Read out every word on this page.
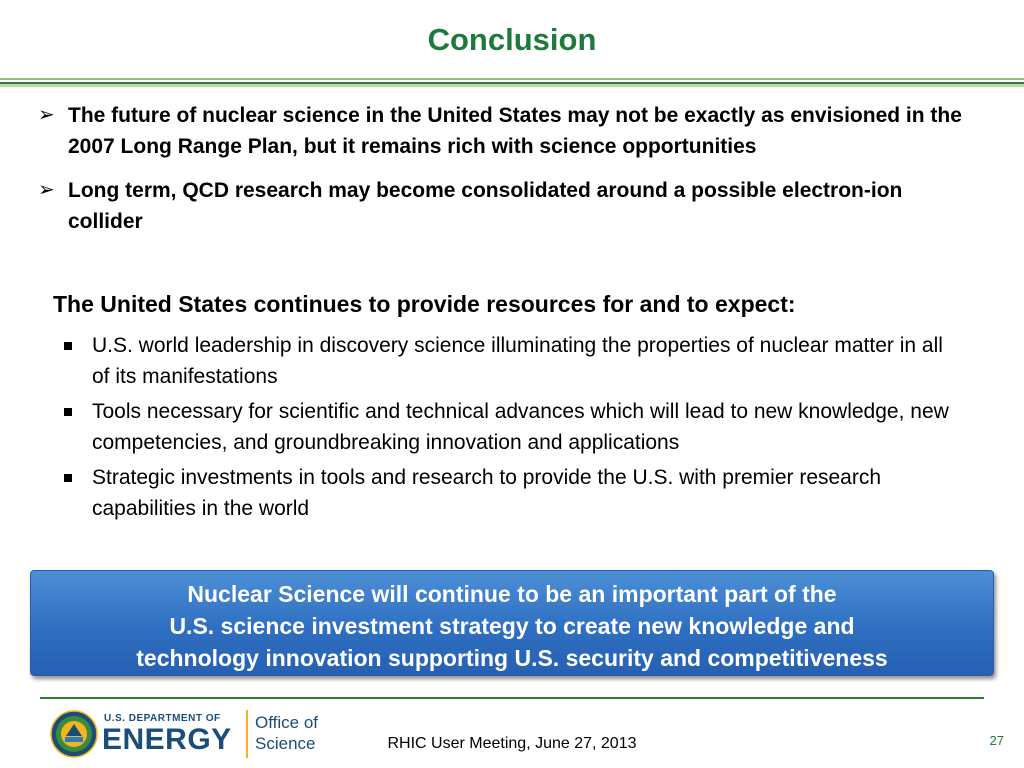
Conclusion
➢ The future of nuclear science in the United States may not be exactly as envisioned in the 2007 Long Range Plan, but it remains rich with science opportunities
➢ Long term, QCD research may become consolidated around a possible electron-ion collider
The United States continues to provide resources for and to expect:
U.S. world leadership in discovery science illuminating the properties of nuclear matter in all of its manifestations
Tools necessary for scientific and technical advances which will lead to new knowledge, new competencies, and groundbreaking innovation and applications
Strategic investments in tools and research to provide the U.S. with premier research capabilities in the world
Nuclear Science will continue to be an important part of the
U.S. science investment strategy to create new knowledge and
technology innovation supporting U.S. security and competitiveness
U.S. DEPARTMENT OF
ENERGY
Office of
Science	RHIC User Meeting, June 27, 2013	27
